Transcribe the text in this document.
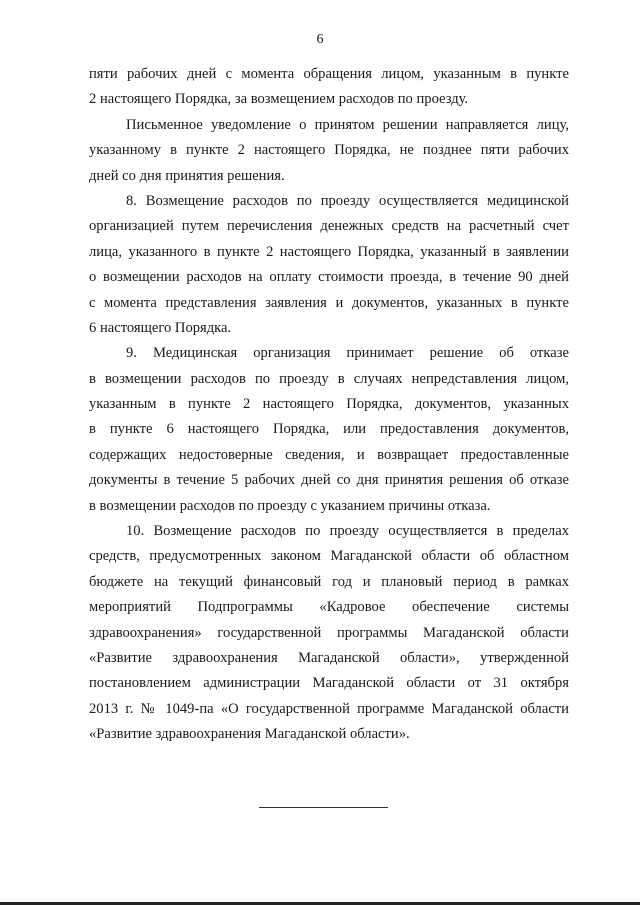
6
пяти рабочих дней с момента обращения лицом, указанным в пункте
2 настоящего Порядка, за возмещением расходов по проезду.
Письменное уведомление о принятом решении направляется лицу,
указанному в пункте 2 настоящего Порядка, не позднее пяти рабочих
дней со дня принятия решения.
8. Возмещение расходов по проезду осуществляется медицинской
организацией путем перечисления денежных средств на расчетный счет
лица, указанного в пункте 2 настоящего Порядка, указанный в заявлении
о возмещении расходов на оплату стоимости проезда, в течение 90 дней
с момента представления заявления и документов, указанных в пункте
6 настоящего Порядка.
9. Медицинская организация принимает решение об отказе
в возмещении расходов по проезду в случаях непредставления лицом,
указанным в пункте 2 настоящего Порядка, документов, указанных
в пункте 6 настоящего Порядка, или предоставления документов,
содержащих недостоверные сведения, и возвращает предоставленные
документы в течение 5 рабочих дней со дня принятия решения об отказе
в возмещении расходов по проезду с указанием причины отказа.
10. Возмещение расходов по проезду осуществляется в пределах
средств, предусмотренных законом Магаданской области об областном
бюджете на текущий финансовый год и плановый период в рамках
мероприятий Подпрограммы «Кадровое обеспечение системы
здравоохранения» государственной программы Магаданской области
«Развитие здравоохранения Магаданской области», утвержденной
постановлением администрации Магаданской области от 31 октября
2013 г. № 1049-па «О государственной программе Магаданской области
«Развитие здравоохранения Магаданской области».
